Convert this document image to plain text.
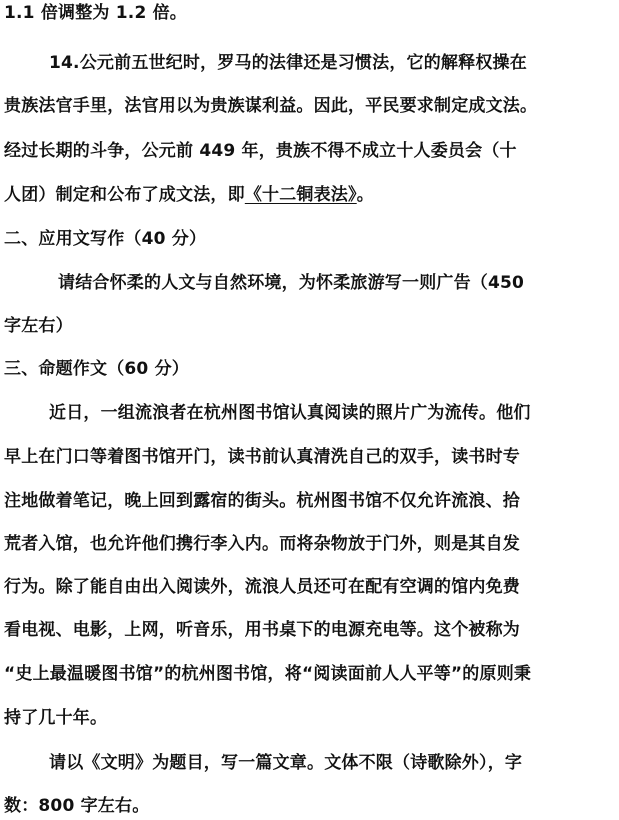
1.1 倍调整为 1.2 倍。
14.公元前五世纪时，罗马的法律还是习惯法，它的解释权操在
贵族法官手里，法官用以为贵族谋利益。因此，平民要求制定成文法。
经过长期的斗争，公元前 449 年，贵族不得不成立十人委员会（十
人团）制定和公布了成文法，即《十二铜表法》。
二、应用文写作（40 分）
请结合怀柔的人文与自然环境，为怀柔旅游写一则广告（450
字左右）
三、命题作文（60 分）
近日，一组流浪者在杭州图书馆认真阅读的照片广为流传。他们
早上在门口等着图书馆开门，读书前认真清洗自己的双手，读书时专
注地做着笔记，晚上回到露宿的街头。杭州图书馆不仅允许流浪、拾
荒者入馆，也允许他们携行李入内。而将杂物放于门外，则是其自发
行为。除了能自由出入阅读外，流浪人员还可在配有空调的馆内免费
看电视、电影，上网，听音乐，用书桌下的电源充电等。这个被称为
“史上最温暖图书馆”的杭州图书馆，将“阅读面前人人平等”的原则秉
持了几十年。
请以《文明》为题目，写一篇文章。文体不限（诗歌除外），字
数：800 字左右。
